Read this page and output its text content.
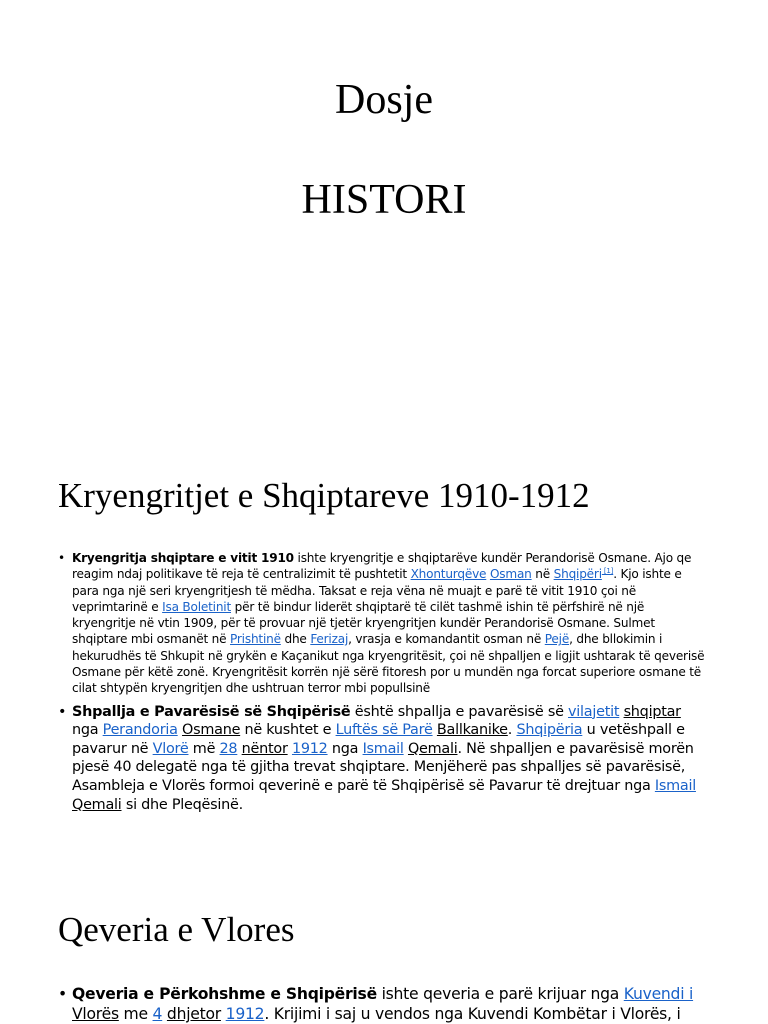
Dosje
HISTORI
Kryengritjet e Shqiptareve 1910-1912
• Kryengritja shqiptare e vitit 1910 ishte kryengritje e shqiptarëve kundër Perandorisë Osmane. Ajo qe reagim ndaj politikave të reja të centralizimit të pushtetit Xhonturqëve Osman në Shqipëri [1]. Kjo ishte e para nga një seri kryengritjesh të mëdha. Taksat e reja vëna në muajt e parë të vitit 1910 çoi në veprimtarinë e Isa Boletinit për të bindur liderët shqiptarë të cilët tashmë ishin të përfshirë në një kryengritje në vtin 1909, për të provuar një tjetër kryengritjen kundër Perandorisë Osmane. Sulmet shqiptare mbi osmanët në Prishtinë dhe Ferizaj, vrasja e komandantit osman në Pejë, dhe bllokimin i hekurudhës të Shkupit në grykën e Kaçanikut nga kryengritësit, çoi në shpalljen e ligjit ushtarak të qeverisë Osmane për këtë zonë. Kryengritësit korrën një sërë fitoresh por u mundën nga forcat superiore osmane të cilat shtypën kryengritjen dhe ushtruan terror mbi popullsinë
• Shpallja e Pavarësisë së Shqipërisë është shpallja e pavarësisë së vilajetit shqiptar nga Perandoria Osmane në kushtet e Luftës së Parë Ballkanike. Shqipëria u vetëshpall e pavarur në Vlorë më 28 nëntor 1912 nga Ismail Qemali. Në shpalljen e pavarësisë morën pjesë 40 delegatë nga të gjitha trevat shqiptare. Menjëherë pas shpalljes së pavarësisë, Asambleja e Vlorës formoi qeverinë e parë të Shqipërisë së Pavarur të drejtuar nga Ismail Qemali si dhe Pleqësinë.
Qeveria e Vlores
• Qeveria e Përkohshme e Shqipërisë ishte qeveria e parë krijuar nga Kuvendi i Vlorës me 4 dhjetor 1912. Krijimi i saj u vendos nga Kuvendi Kombëtar i Vlorës, i
